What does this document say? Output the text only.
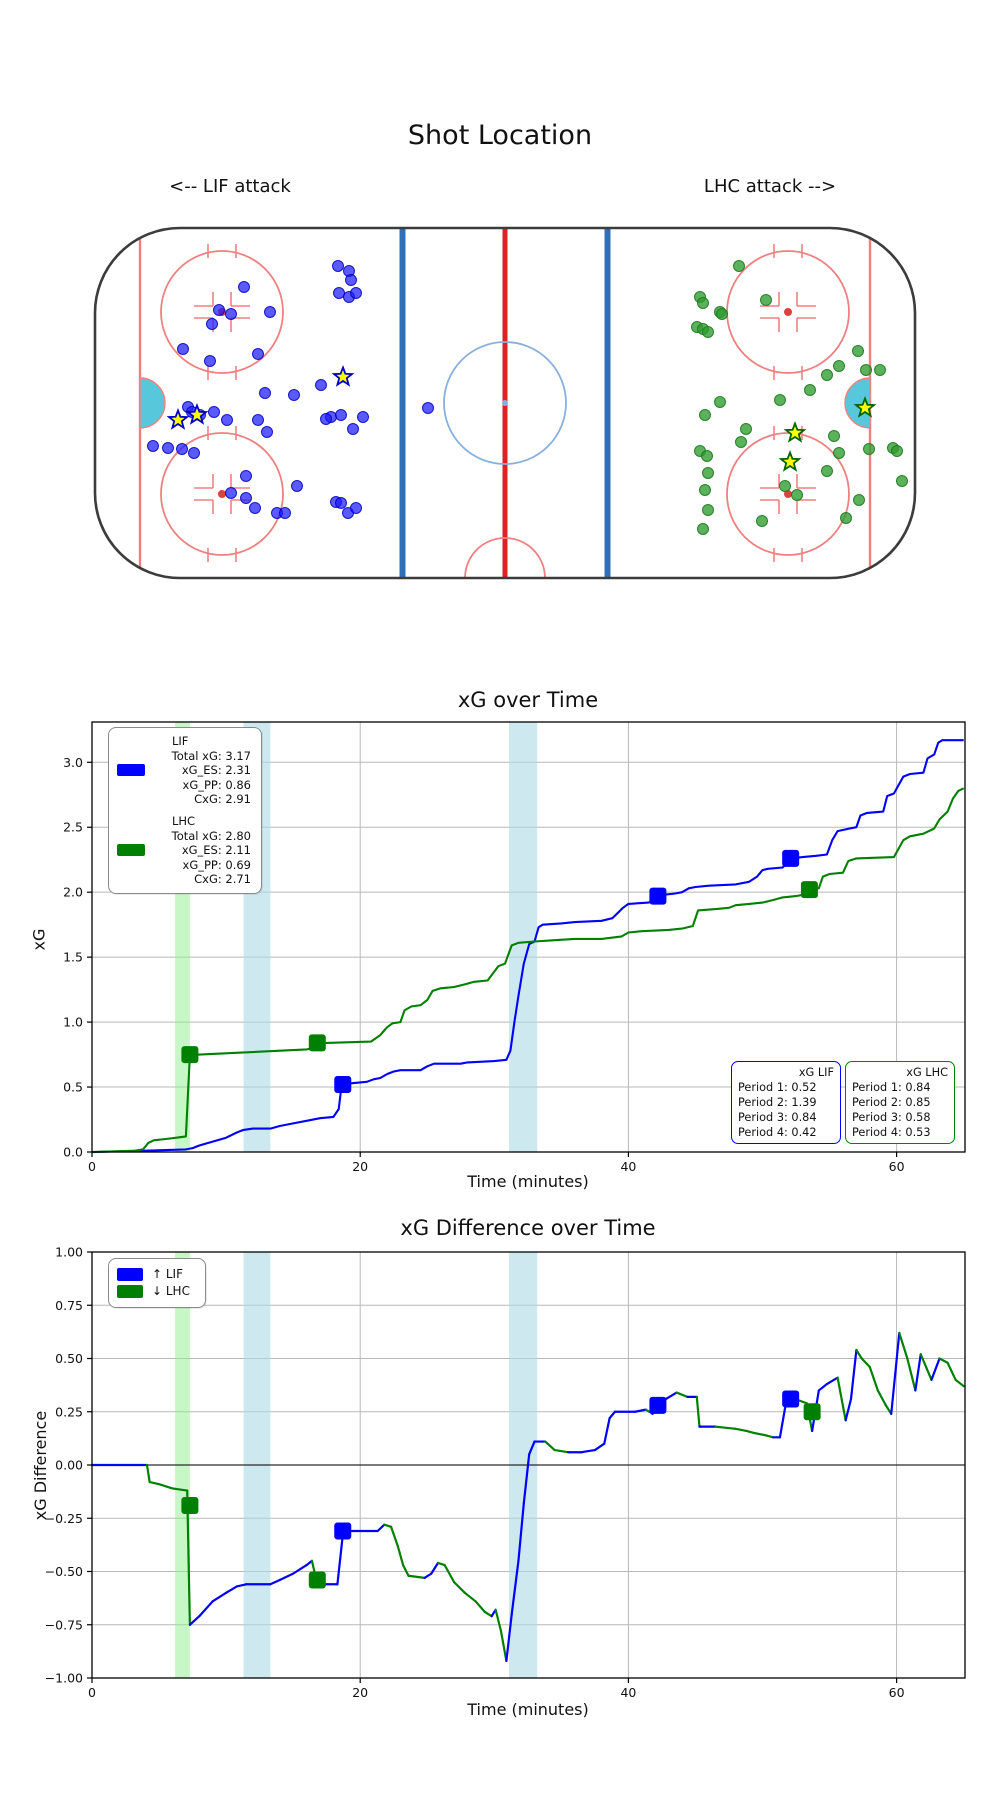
0	20	40	60
0.0
0.5
1.0
1.5
2.0
2.5
3.0
0	20	40	60
−1.00
−0.75
−0.50
−0.25
0.00
0.25
0.50
0.75
1.00
Shot Location
<-- LIF attack	LHC attack -->
xG over Time
xG
Time (minutes)
xG Difference over Time
xG Difference
Time (minutes)
LIF
Total xG: 3.17
xG_ES: 2.31
xG_PP: 0.86
CxG: 2.91
LHC
Total xG: 2.80
xG_ES: 2.11
xG_PP: 0.69
CxG: 2.71
xG LIF
Period 1: 0.52
Period 2: 1.39
Period 3: 0.84
Period 4: 0.42
xG LHC
Period 1: 0.84
Period 2: 0.85
Period 3: 0.58
Period 4: 0.53
↑ LIF
↓ LHC
